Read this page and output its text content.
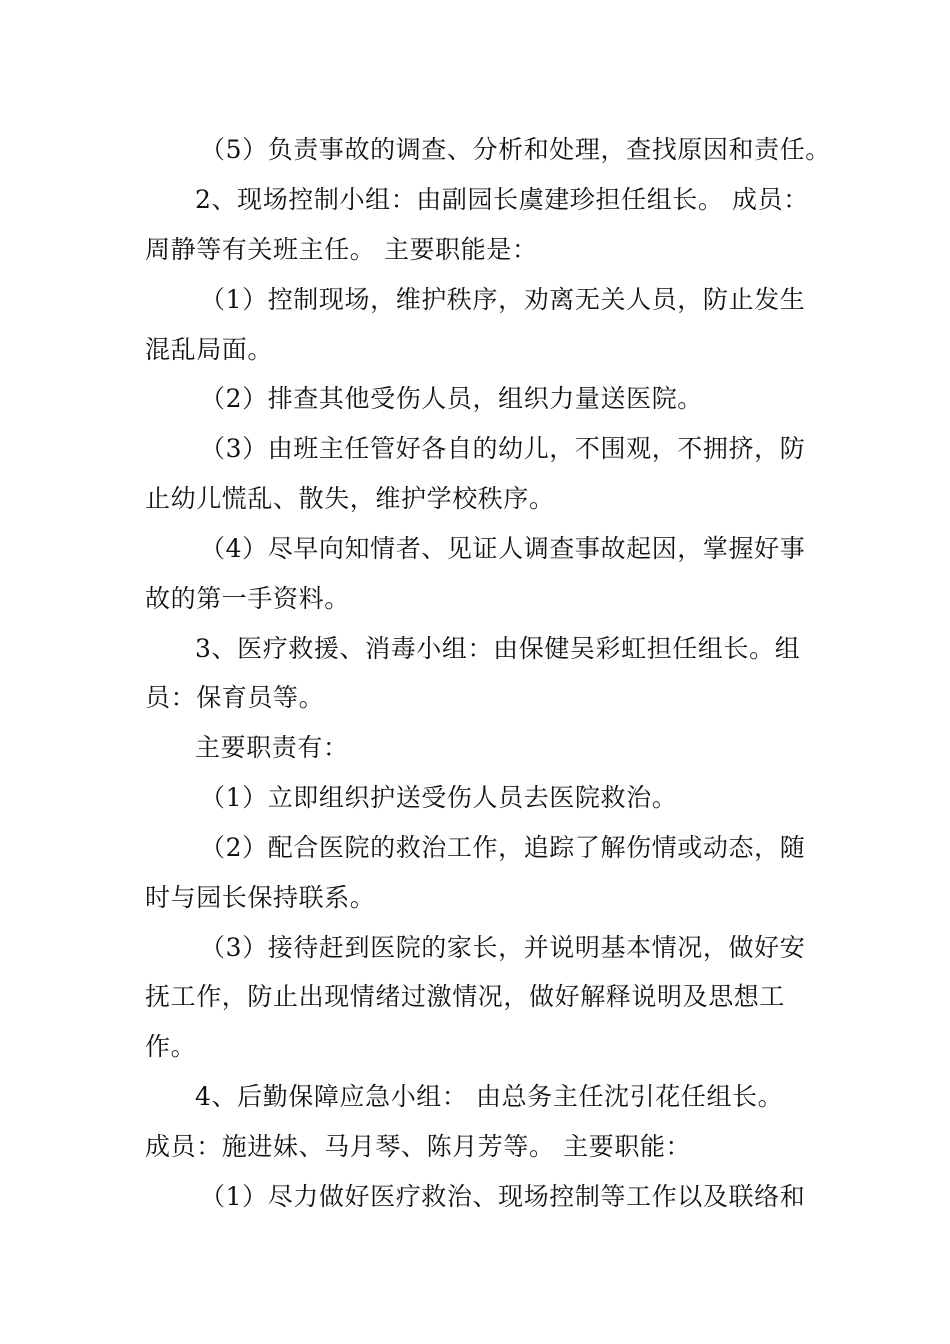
（5）负责事故的调查、分析和处理，查找原因和责任。
2、现场控制小组：由副园长虞建珍担任组长。 成员：
周静等有关班主任。 主要职能是：
（1）控制现场，维护秩序，劝离无关人员，防止发生
混乱局面。
（2）排查其他受伤人员，组织力量送医院。
（3）由班主任管好各自的幼儿，不围观，不拥挤，防
止幼儿慌乱、散失，维护学校秩序。
（4）尽早向知情者、见证人调查事故起因，掌握好事
故的第一手资料。
3、医疗救援、消毒小组：由保健吴彩虹担任组长。组
员：保育员等。
主要职责有：
（1）立即组织护送受伤人员去医院救治。
（2）配合医院的救治工作，追踪了解伤情或动态，随
时与园长保持联系。
（3）接待赶到医院的家长，并说明基本情况，做好安
抚工作，防止出现情绪过激情况，做好解释说明及思想工
作。
4、后勤保障应急小组： 由总务主任沈引花任组长。
成员：施进妹、马月琴、陈月芳等。 主要职能：
（1）尽力做好医疗救治、现场控制等工作以及联络和
